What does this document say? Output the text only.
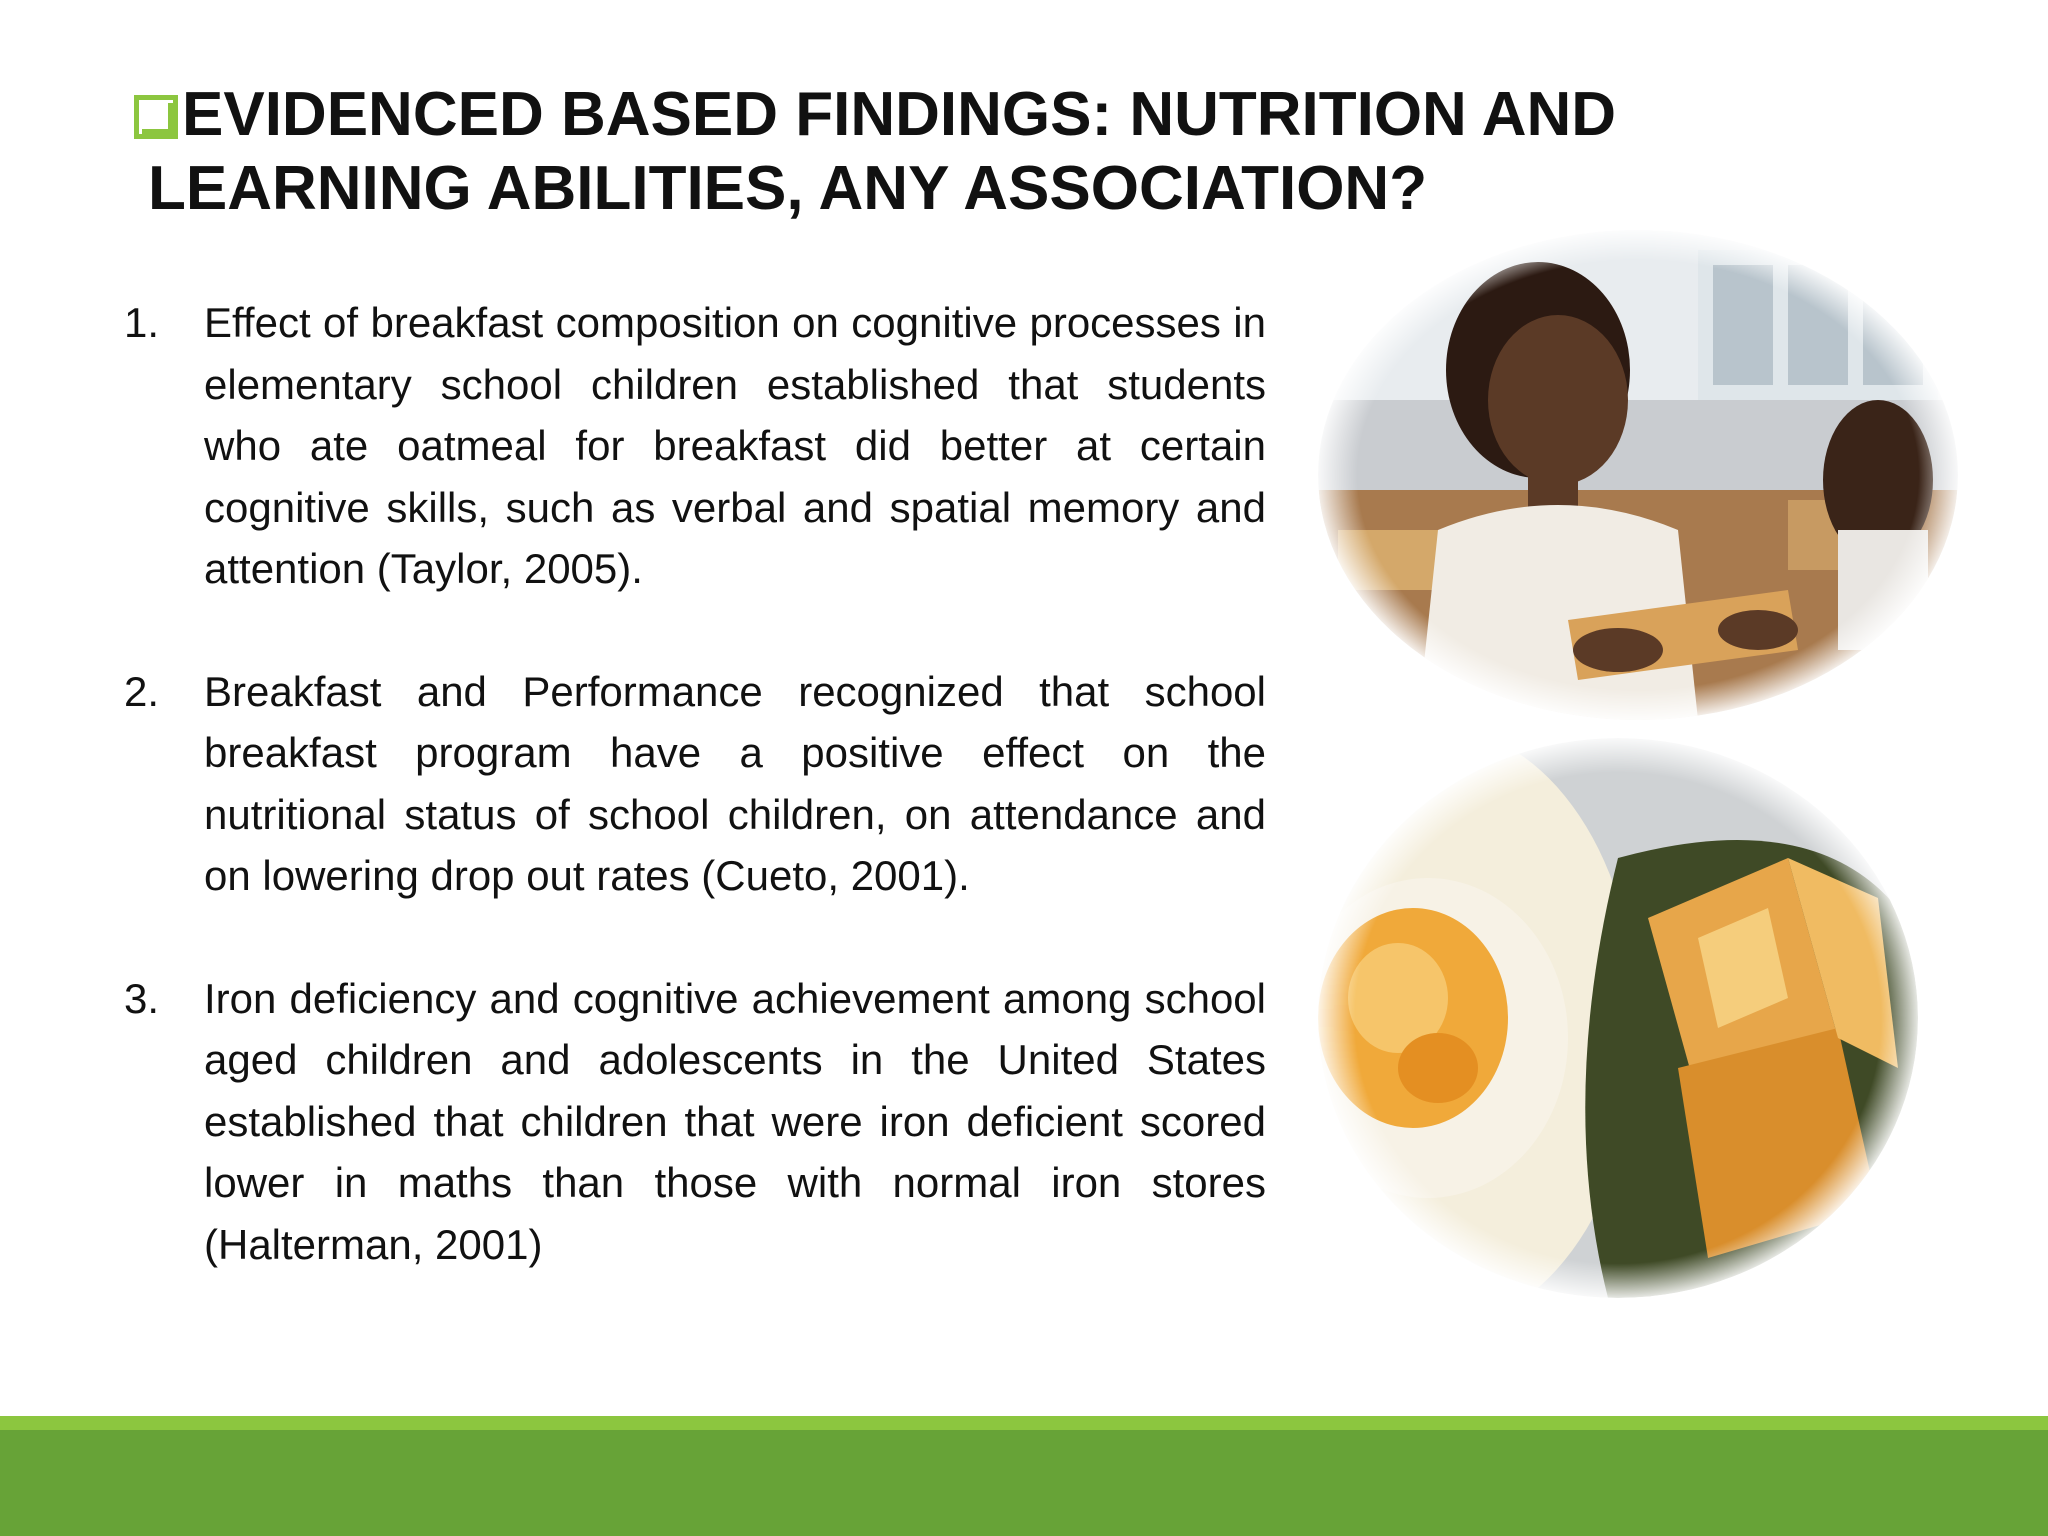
EVIDENCED BASED FINDINGS: NUTRITION AND
LEARNING ABILITIES, ANY ASSOCIATION?
1.	Effect of breakfast composition on cognitive processes in elementary school children established that students who ate oatmeal for breakfast did better at certain cognitive skills, such as verbal and spatial memory and attention (Taylor, 2005).
2.	Breakfast and Performance recognized that school breakfast program have a positive effect on the nutritional status of school children, on attendance and on lowering drop out rates (Cueto, 2001).
3.	Iron deficiency and cognitive achievement among school aged children and adolescents in the United States established that children that were iron deficient scored lower in maths than those with normal iron stores (Halterman, 2001)
